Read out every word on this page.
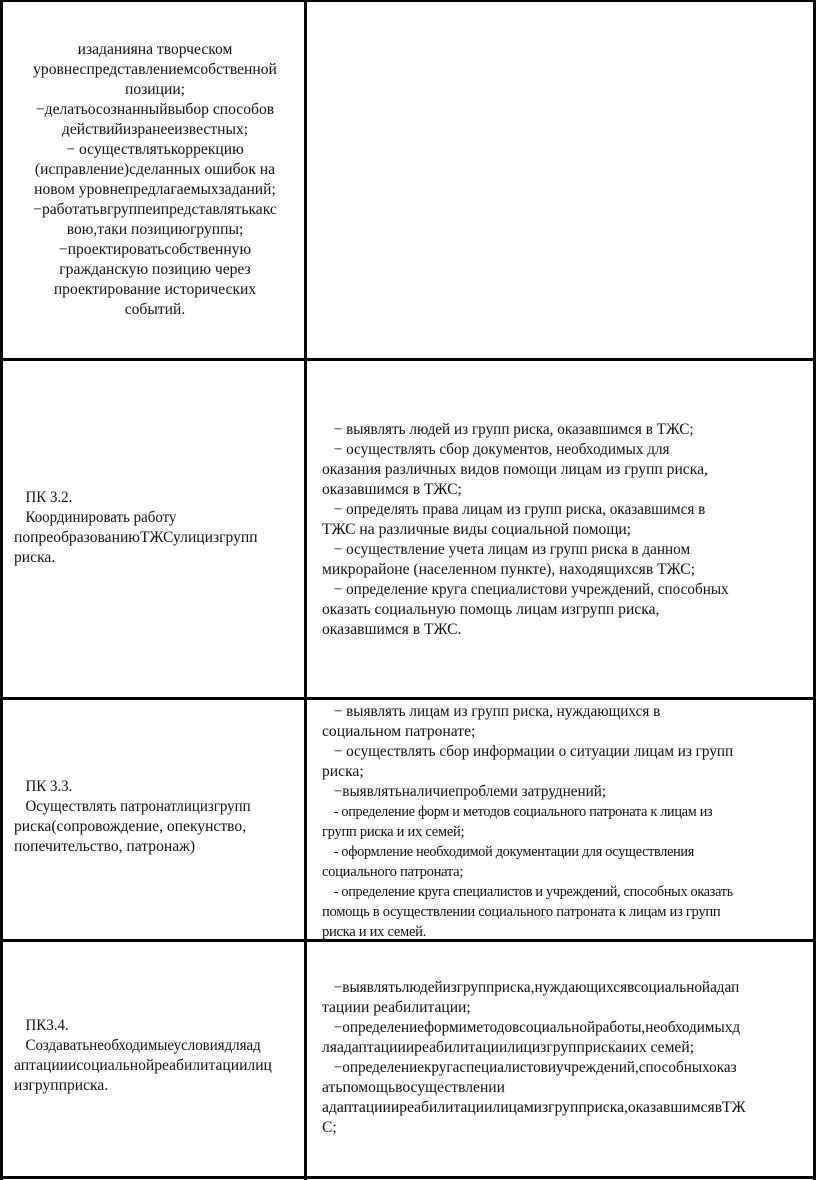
изаданияна творческом
уровнеспредставлениемсобственной
позиции;
−делатьосознанныйвыбор способов
действийизранееизвестных;
− осуществлятькоррекцию
(исправление)сделанных ошибок на
новом уровнепредлагаемыхзаданий;
−работатьвгруппеипредставлятькакс
вою,таки позициюгруппы;
−проектироватьсобственную
гражданскую позицию через
проектирование исторических
событий.
ПК 3.2.
Координировать работу
попреобразованиюТЖСулицизгрупп
риска.
− выявлять людей из групп риска, оказавшимся в ТЖС;
− осуществлять сбор документов, необходимых для
оказания различных видов помощи лицам из групп риска,
оказавшимся в ТЖС;
− определять права лицам из групп риска, оказавшимся в
ТЖС на различные виды социальной помощи;
− осуществление учета лицам из групп риска в данном
микрорайоне (населенном пункте), находящихсяв ТЖС;
− определение круга специалистови учреждений, способных
оказать социальную помощь лицам изгрупп риска,
оказавшимся в ТЖС.
ПК 3.3.
Осуществлять патронатлицизгрупп
риска(сопровождение, опекунство,
попечительство, патронаж)
− выявлять лицам из групп риска, нуждающихся в
социальном патронате;
− осуществлять сбор информации о ситуации лицам из групп
риска;
−выявлятьналичиепроблеми затруднений;
- определение форм и методов социального патроната к лицам из
групп риска и их семей;
- оформление необходимой документации для осуществления
социального патроната;
- определение круга специалистов и учреждений, способных оказать
помощь в осуществлении социального патроната к лицам из групп
риска и их семей.
ПК3.4.
Создаватьнеобходимыеусловиядляад
аптацииисоциальнойреабилитациилиц
изгрупприска.
−выявлятьлюдейизгрупприска,нуждающихсявсоциальнойадап
тациии реабилитации;
−определениеформиметодовсоциальнойработы,необходимыхд
ляадаптациииреабилитациилицизгрупприскаиих семей;
−определениекругаспециалистовиучреждений,способныхоказ
атьпомощьвосуществлении
адаптациииреабилитациилицамизгрупприска,оказавшимсявТЖ
С;
